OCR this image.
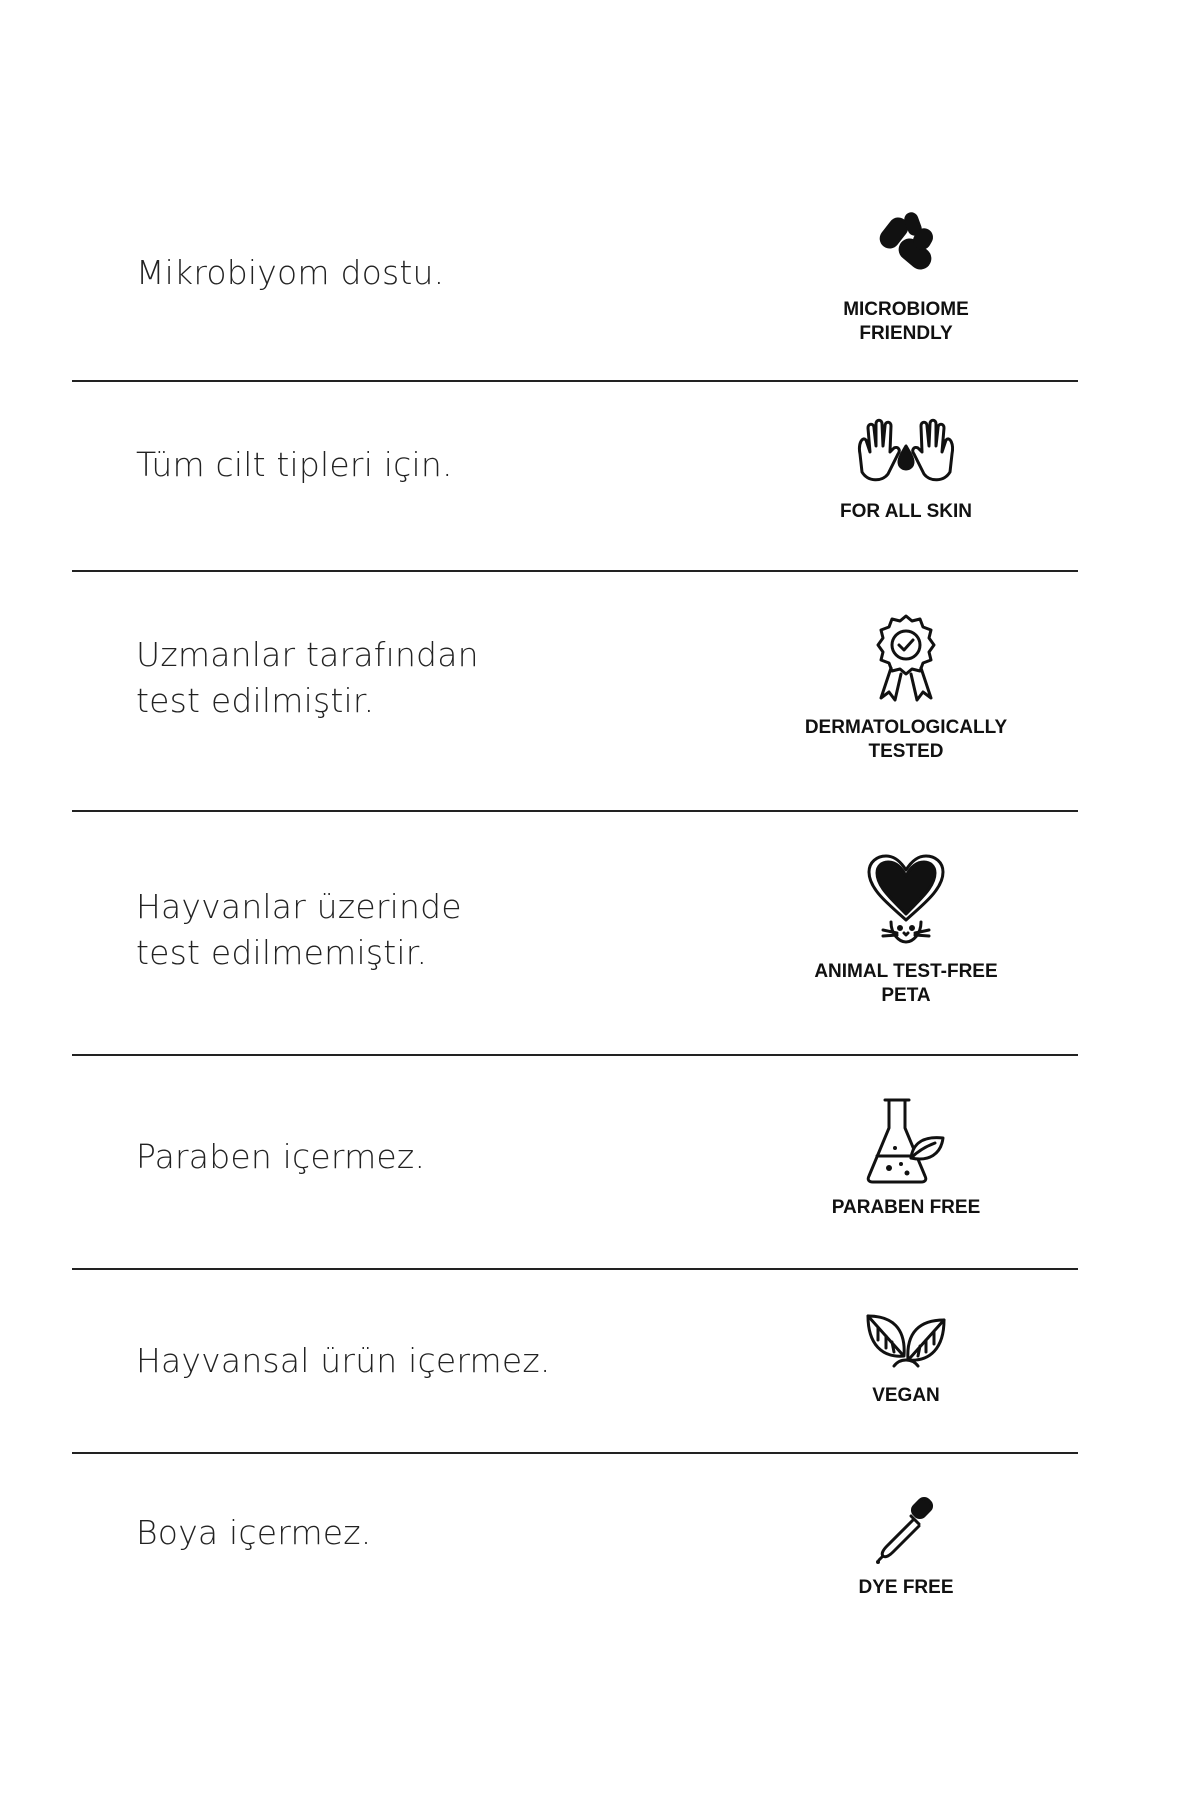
Mikrobiyom dostu.
MICROBIOME
FRIENDLY
Tüm cilt tipleri için.
FOR ALL SKIN
Uzmanlar tarafından
test edilmiştir.
DERMATOLOGICALLY
TESTED
Hayvanlar üzerinde
test edilmemiştir.	ANIMAL TEST-FREE
PETA
Paraben içermez.
PARABEN FREE
Hayvansal ürün içermez.
VEGAN
Boya içermez.
DYE FREE
